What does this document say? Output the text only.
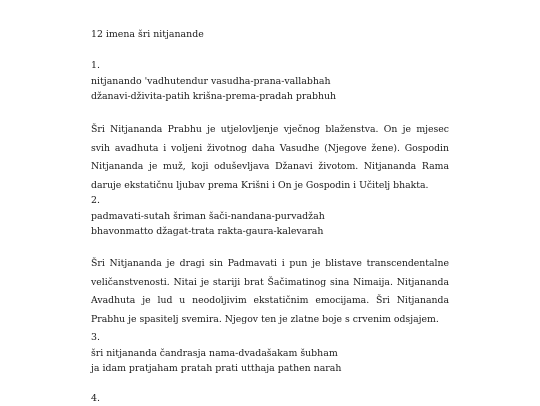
12 imena šri nitjanande
1.
nitjanando 'vadhutendur vasudha-prana-vallabhah
džanavi-dživita-patih krišna-prema-pradah prabhuh

Šri Nitjananda Prabhu je utjelovljenje vječnog blaženstva. On je mjesec svih avadhuta i voljeni životnog daha Vasudhe (Njegove žene). Gospodin Nitjananda je muž, koji oduševljava Džanavi životom. Nitjananda Rama daruje ekstatičnu ljubav prema Krišni i On je Gospodin i Učitelj bhakta.

2.
padmavati-sutah šriman šači-nandana-purvadžah
bhavonmatto džagat-trata rakta-gaura-kalevarah

Šri Nitjananda je dragi sin Padmavati i pun je blistave transcendentalne veličanstvenosti. Nitai je stariji brat Šačimatinog sina Nimaija. Nitjananda Avadhuta je lud u neodoljivim ekstatičnim emocijama. Šri Nitjananda Prabhu je spasitelj svemira. Njegov ten je zlatne boje s crvenim odsjajem.

3.
šri nitjananda čandrasja nama-dvadašakam šubham
ja idam pratjaham pratah prati utthaja pathen narah
4.
